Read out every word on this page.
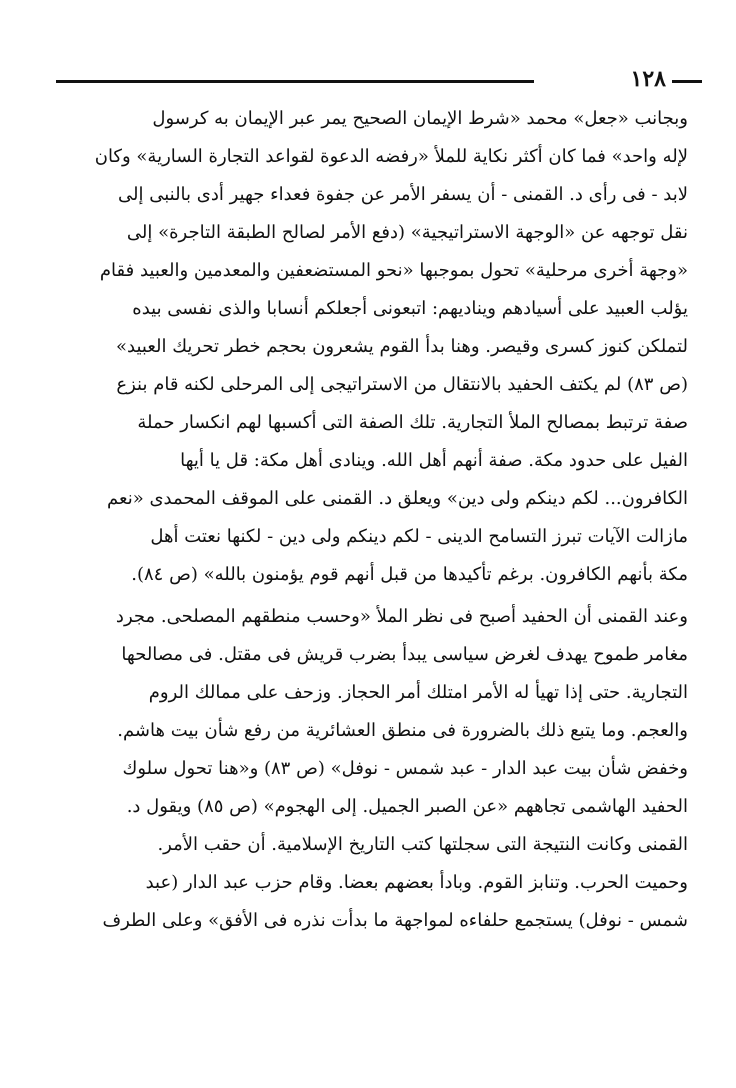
١٢٨
وبجانب «جعل» محمد «شرط الإيمان الصحيح يمر عبر الإيمان به كرسول
لإله واحد» فما كان أكثر نكاية للملأ «رفضه الدعوة لقواعد التجارة السارية» وكان
لابد - فى رأى د. القمنى - أن يسفر الأمر عن جفوة فعداء جهير أدى بالنبى إلى
نقل توجهه عن «الوجهة الاستراتيجية» (دفع الأمر لصالح الطبقة التاجرة» إلى
«وجهة أخرى مرحلية» تحول بموجبها «نحو المستضعفين والمعدمين والعبيد فقام
يؤلب العبيد على أسيادهم ويناديهم: اتبعونى أجعلكم أنسابا والذى نفسى بيده
لتملكن كنوز كسرى وقيصر. وهنا بدأ القوم يشعرون بحجم خطر تحريك العبيد»
(ص ٨٣) لم يكتف الحفيد بالانتقال من الاستراتيجى إلى المرحلى لكنه قام بنزع
صفة ترتبط بمصالح الملأ التجارية. تلك الصفة التى أكسبها لهم انكسار حملة
الفيل على حدود مكة. صفة أنهم أهل الله. وينادى أهل مكة: قل يا أيها
الكافرون... لكم دينكم ولى دين» ويعلق د. القمنى على الموقف المحمدى «نعم
مازالت الآيات تبرز التسامح الدينى - لكم دينكم ولى دين - لكنها نعتت أهل
مكة بأنهم الكافرون. برغم تأكيدها من قبل أنهم قوم يؤمنون بالله» (ص ٨٤).
وعند القمنى أن الحفيد أصبح فى نظر الملأ «وحسب منطقهم المصلحى. مجرد
مغامر طموح يهدف لغرض سياسى يبدأ بضرب قريش فى مقتل. فى مصالحها
التجارية. حتى إذا تهيأ له الأمر امتلك أمر الحجاز. وزحف على ممالك الروم
والعجم. وما يتبع ذلك بالضرورة فى منطق العشائرية من رفع شأن بيت هاشم.
وخفض شأن بيت عبد الدار - عبد شمس - نوفل» (ص ٨٣) و«هنا تحول سلوك
الحفيد الهاشمى تجاههم «عن الصبر الجميل. إلى الهجوم» (ص ٨٥) ويقول د.
القمنى وكانت النتيجة التى سجلتها كتب التاريخ الإسلامية. أن حقب الأمر.
وحميت الحرب. وتنابز القوم. وبادأ بعضهم بعضا. وقام حزب عبد الدار (عبد
شمس - نوفل) يستجمع حلفاءه لمواجهة ما بدأت نذره فى الأفق» وعلى الطرف
